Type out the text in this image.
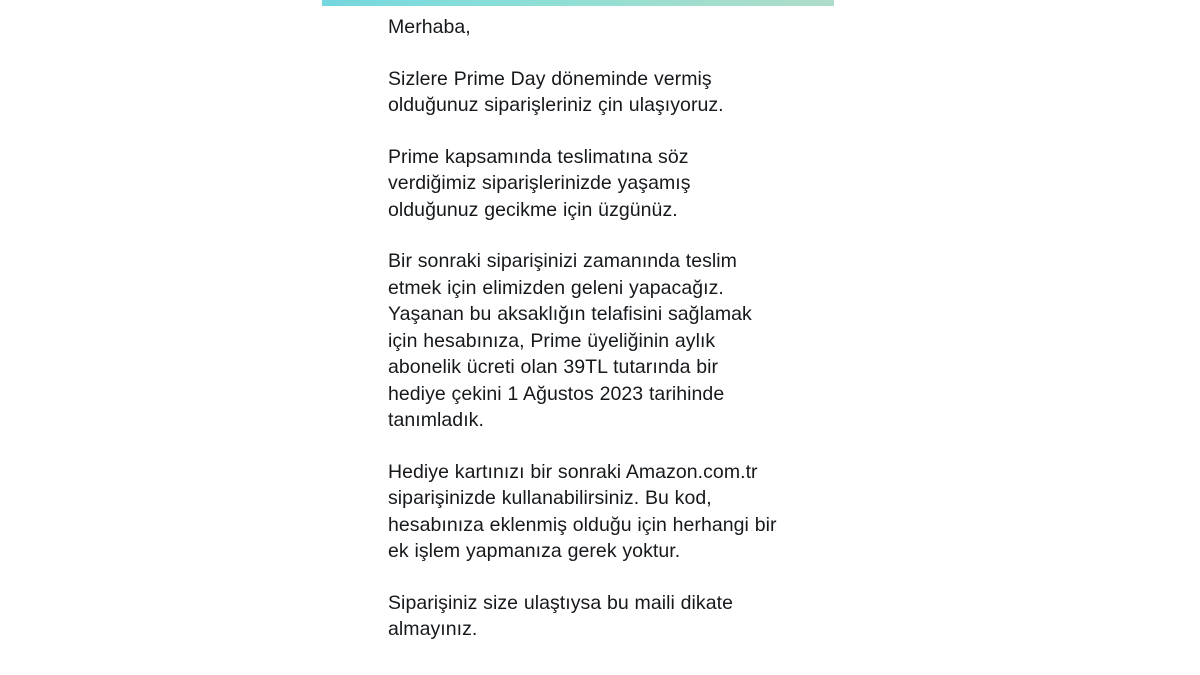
Merhaba,

Sizlere Prime Day döneminde vermiş olduğunuz siparişleriniz çin ulaşıyoruz.

Prime kapsamında teslimatına söz verdiğimiz siparişlerinizde yaşamış olduğunuz gecikme için üzgünüz.

Bir sonraki siparişinizi zamanında teslim etmek için elimizden geleni yapacağız. Yaşanan bu aksaklığın telafisini sağlamak için hesabınıza, Prime üyeliğinin aylık abonelik ücreti olan 39TL tutarında bir hediye çekini 1 Ağustos 2023 tarihinde tanımladık.

Hediye kartınızı bir sonraki Amazon.com.tr siparişinizde kullanabilirsiniz. Bu kod, hesabınıza eklenmiş olduğu için herhangi bir ek işlem yapmanıza gerek yoktur.

Siparişiniz size ulaştıysa bu maili dikate almayınız.
